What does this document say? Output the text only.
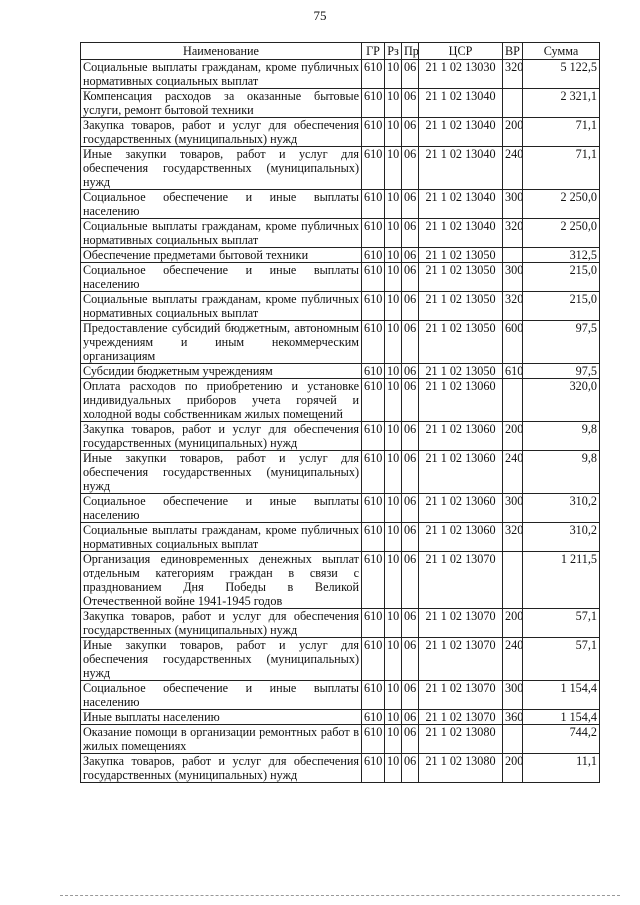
75
Наименование	ГР	Рз	Пр	ЦСР	ВР	Сумма
Социальные выплаты гражданам, кроме публичных нормативных социальных выплат	610	10	06	21 1 02 13030	320	5 122,5
Компенсация расходов за оказанные бытовые услуги, ремонт бытовой техники	610	10	06	21 1 02 13040		2 321,1
Закупка товаров, работ и услуг для обеспечения государственных (муниципальных) нужд	610	10	06	21 1 02 13040	200	71,1
Иные закупки товаров, работ и услуг для обеспечения государственных (муниципальных) нужд	610	10	06	21 1 02 13040	240	71,1
Социальное обеспечение и иные выплаты населению	610	10	06	21 1 02 13040	300	2 250,0
Социальные выплаты гражданам, кроме публичных нормативных социальных выплат	610	10	06	21 1 02 13040	320	2 250,0
Обеспечение предметами бытовой техники	610	10	06	21 1 02 13050		312,5
Социальное обеспечение и иные выплаты населению	610	10	06	21 1 02 13050	300	215,0
Социальные выплаты гражданам, кроме публичных нормативных социальных выплат	610	10	06	21 1 02 13050	320	215,0
Предоставление субсидий бюджетным, автономным учреждениям и иным некоммерческим организациям	610	10	06	21 1 02 13050	600	97,5
Субсидии бюджетным учреждениям	610	10	06	21 1 02 13050	610	97,5
Оплата расходов по приобретению и установке индивидуальных приборов учета горячей и холодной воды собственникам жилых помещений	610	10	06	21 1 02 13060		320,0
Закупка товаров, работ и услуг для обеспечения государственных (муниципальных) нужд	610	10	06	21 1 02 13060	200	9,8
Иные закупки товаров, работ и услуг для обеспечения государственных (муниципальных) нужд	610	10	06	21 1 02 13060	240	9,8
Социальное обеспечение и иные выплаты населению	610	10	06	21 1 02 13060	300	310,2
Социальные выплаты гражданам, кроме публичных нормативных социальных выплат	610	10	06	21 1 02 13060	320	310,2
Организация единовременных денежных выплат отдельным категориям граждан в связи с празднованием Дня Победы в Великой Отечественной войне 1941-1945 годов	610	10	06	21 1 02 13070		1 211,5
Закупка товаров, работ и услуг для обеспечения государственных (муниципальных) нужд	610	10	06	21 1 02 13070	200	57,1
Иные закупки товаров, работ и услуг для обеспечения государственных (муниципальных) нужд	610	10	06	21 1 02 13070	240	57,1
Социальное обеспечение и иные выплаты населению	610	10	06	21 1 02 13070	300	1 154,4
Иные выплаты населению	610	10	06	21 1 02 13070	360	1 154,4
Оказание помощи в организации ремонтных работ в жилых помещениях	610	10	06	21 1 02 13080		744,2
Закупка товаров, работ и услуг для обеспечения государственных (муниципальных) нужд	610	10	06	21 1 02 13080	200	11,1
